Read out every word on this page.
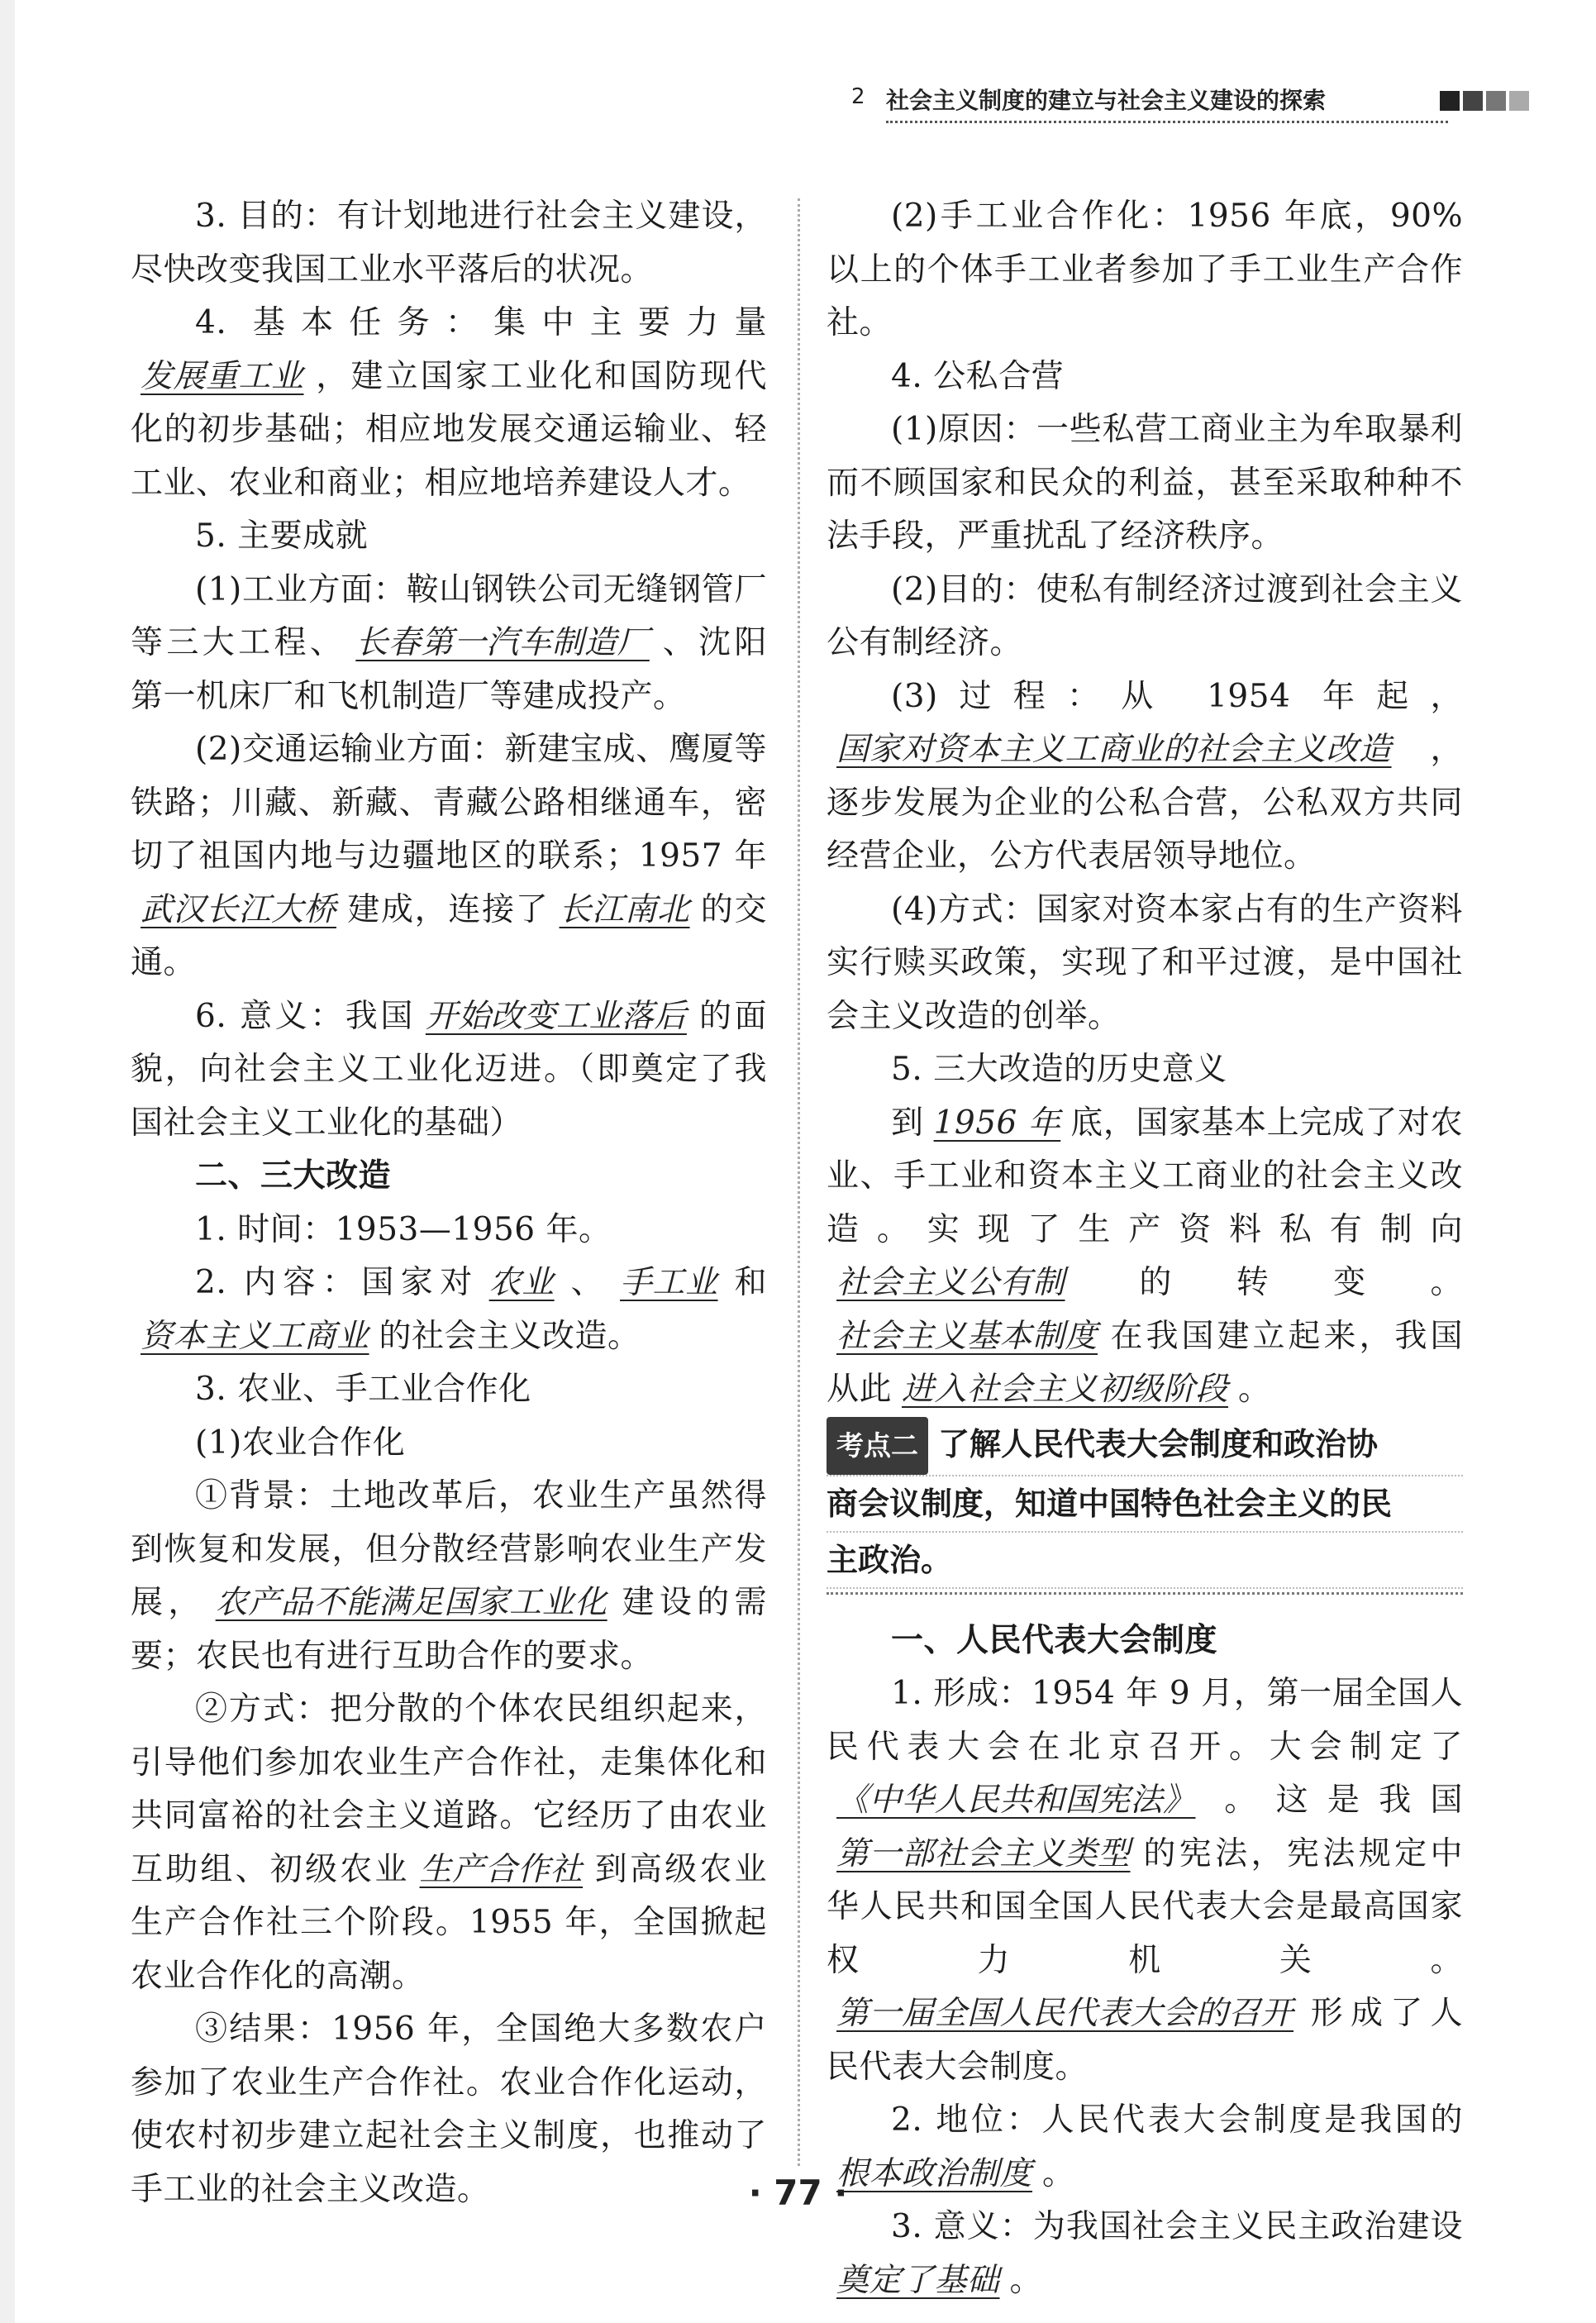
2 社会主义制度的建立与社会主义建设的探索

3. 目的：有计划地进行社会主义建设，尽快改变我国工业水平落后的状况。

4. 基本任务：集中主要力量发展重工业 ，建立国家工业化和国防现代化的初步基础；相应地发展交通运输业、轻工业、农业和商业；相应地培养建设人才。

5. 主要成就

(1)工业方面：鞍山钢铁公司无缝钢管厂等三大工程、 长春第一汽车制造厂 、沈阳第一机床厂和飞机制造厂等建成投产。

(2)交通运输业方面：新建宝成、鹰厦等铁路；川藏、新藏、青藏公路相继通车，密切了祖国内地与边疆地区的联系；1957 年武汉长江大桥 建成，连接了 长江南北 的交通。

6. 意义：我国 开始改变工业落后 的面貌，向社会主义工业化迈进。（即奠定了我国社会主义工业化的基础）

二、三大改造

1. 时间：1953—1956 年。

2. 内容：国家对 农业 、 手工业 和资本主义工商业 的社会主义改造。

3. 农业、手工业合作化

(1)农业合作化

①背景：土地改革后，农业生产虽然得到恢复和发展，但分散经营影响农业生产发展， 农产品不能满足国家工业化 建设的需要；农民也有进行互助合作的要求。

②方式：把分散的个体农民组织起来，引导他们参加农业生产合作社，走集体化和共同富裕的社会主义道路。它经历了由农业互助组、初级农业 生产合作社 到高级农业生产合作社三个阶段。1955 年，全国掀起农业合作化的高潮。

③结果：1956 年，全国绝大多数农户参加了农业生产合作社。农业合作化运动，使农村初步建立起社会主义制度，也推动了手工业的社会主义改造。

(2)手工业合作化：1956 年底，90% 以上的个体手工业者参加了手工业生产合作社。

4. 公私合营

(1)原因：一些私营工商业主为牟取暴利而不顾国家和民众的利益，甚至采取种种不法手段，严重扰乱了经济秩序。

(2)目的：使私有制经济过渡到社会主义公有制经济。

(3)过程：从 1954 年起，国家对资本主义工商业的社会主义改造 ，逐步发展为企业的公私合营，公私双方共同经营企业，公方代表居领导地位。

(4)方式：国家对资本家占有的生产资料实行赎买政策，实现了和平过渡，是中国社会主义改造的创举。

5. 三大改造的历史意义

到 1956 年 底，国家基本上完成了对农业、手工业和资本主义工商业的社会主义改造。实现了生产资料私有制向社会主义公有制 的转变。社会主义基本制度 在我国建立起来，我国从此 进入社会主义初级阶段 。

考点二 了解人民代表大会制度和政治协

商会议制度，知道中国特色社会主义的民

主政治。

一、人民代表大会制度

1. 形成：1954 年 9 月，第一届全国人民代表大会在北京召开。大会制定了《中华人民共和国宪法》 。这是我国第一部社会主义类型 的宪法，宪法规定中华人民共和国全国人民代表大会是最高国家权力机关。第一届全国人民代表大会的召开 形成了人民代表大会制度。

2. 地位：人民代表大会制度是我国的根本政治制度 。

3. 意义：为我国社会主义民主政治建设奠定了基础 。

· 77 ·
